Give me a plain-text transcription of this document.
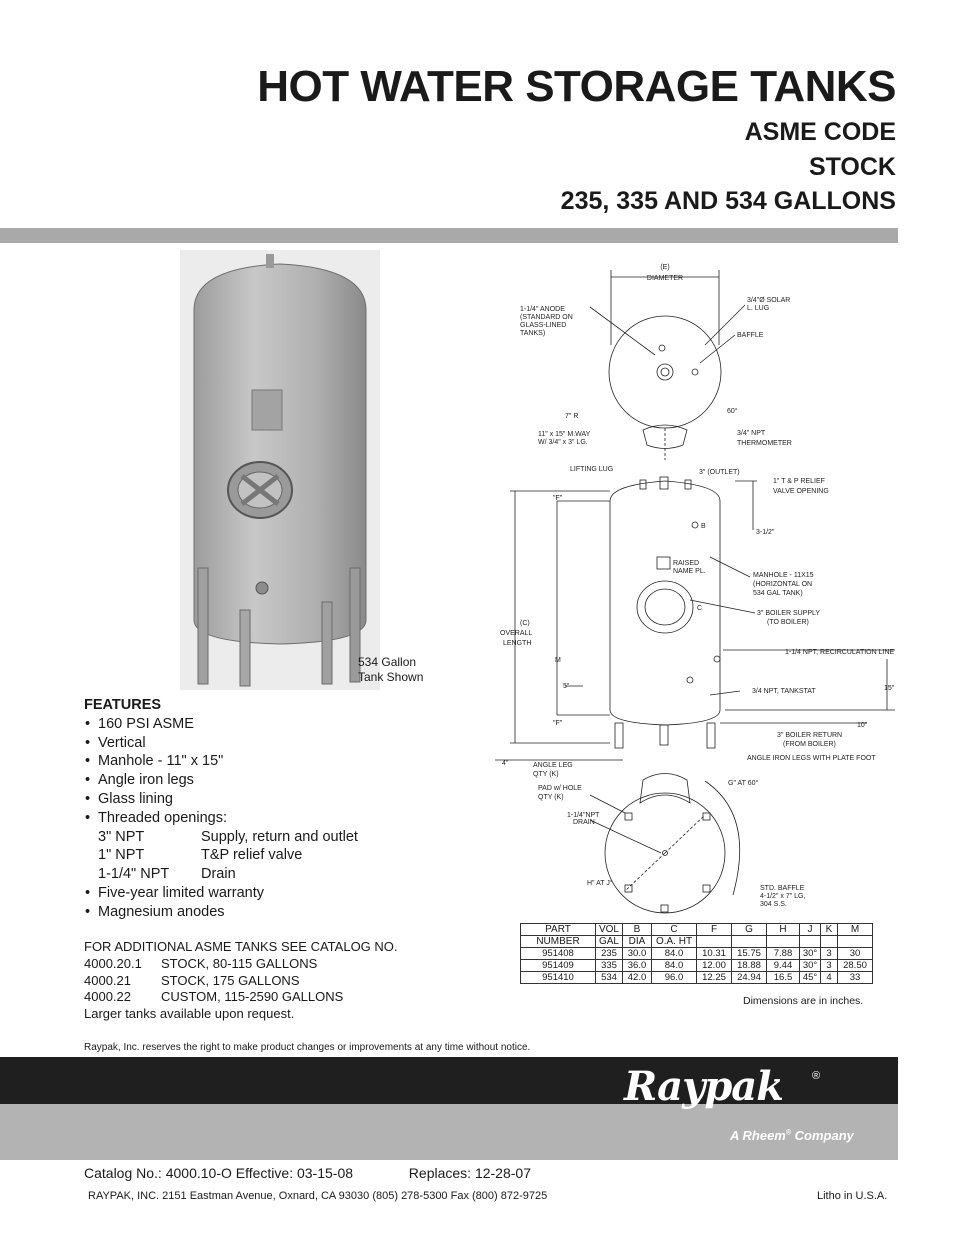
HOT WATER STORAGE TANKS
ASME CODE
STOCK
235, 335 AND 534 GALLONS
534 Gallon
Tank Shown
FEATURES
• 160 PSI ASME
• Vertical
• Manhole - 11" x 15"
• Angle iron legs
• Glass lining
• Threaded openings:
3" NPT	Supply, return and outlet
1" NPT	T&P relief valve
1-1/4" NPT	Drain
• Five-year limited warranty
• Magnesium anodes
FOR ADDITIONAL ASME TANKS SEE CATALOG NO.
4000.20.1	STOCK, 80-115 GALLONS
4000.21	STOCK, 175 GALLONS
4000.22	CUSTOM, 115-2590 GALLONS
Larger tanks available upon request.
(E)
DIAMETER
1-1/4" ANODE
(STANDARD ON
GLASS-LINED
TANKS)
3/4"Ø SOLAR
L. LUG
BAFFLE
7" R
60°
11" x 15" M.WAY
W/ 3/4" x 3" LG.
3/4" NPT
THERMOMETER
LIFTING LUG	3" (OUTLET)
1" T & P RELIEF
VALVE OPENING
"F"
B
3-1/2"
RAISED
NAME PL.
MANHOLE - 11X15
(HORIZONTAL ON
534 GAL TANK)
(C)
OVERALL
LENGTH
C
3" BOILER SUPPLY
(TO BOILER)
1-1/4 NPT, RECIRCULATION LINE
M
5"
3/4 NPT, TANKSTAT	15"
"F"	10"
3" BOILER RETURN
(FROM BOILER)
ANGLE IRON LEGS WITH PLATE FOOT
4"	ANGLE LEG
QTY (K)
PAD w/ HOLE
QTY (K)
1-1/4"NPT
DRAIN
G" AT 60°
H" AT J°
STD. BAFFLE
4-1/2" x 7" LG,
304 S.S.
PART	VOL	B	C	F	G	H	J	K	M
NUMBER	GAL	DIA	O.A. HT						
951408	235	30.0	84.0	10.31	15.75	7.88	30°	3	30
951409	335	36.0	84.0	12.00	18.88	9.44	30°	3	28.50
951410	534	42.0	96.0	12.25	24.94	16.5	45°	4	33
Dimensions are in inches.
Raypak, Inc. reserves the right to make product changes or improvements at any time without notice.
Raypak	®
A Rheem® Company
Catalog No.: 4000.10-O Effective: 03-15-08	Replaces: 12-28-07
RAYPAK, INC. 2151 Eastman Avenue, Oxnard, CA 93030 (805) 278-5300 Fax (800) 872-9725	Litho in U.S.A.
